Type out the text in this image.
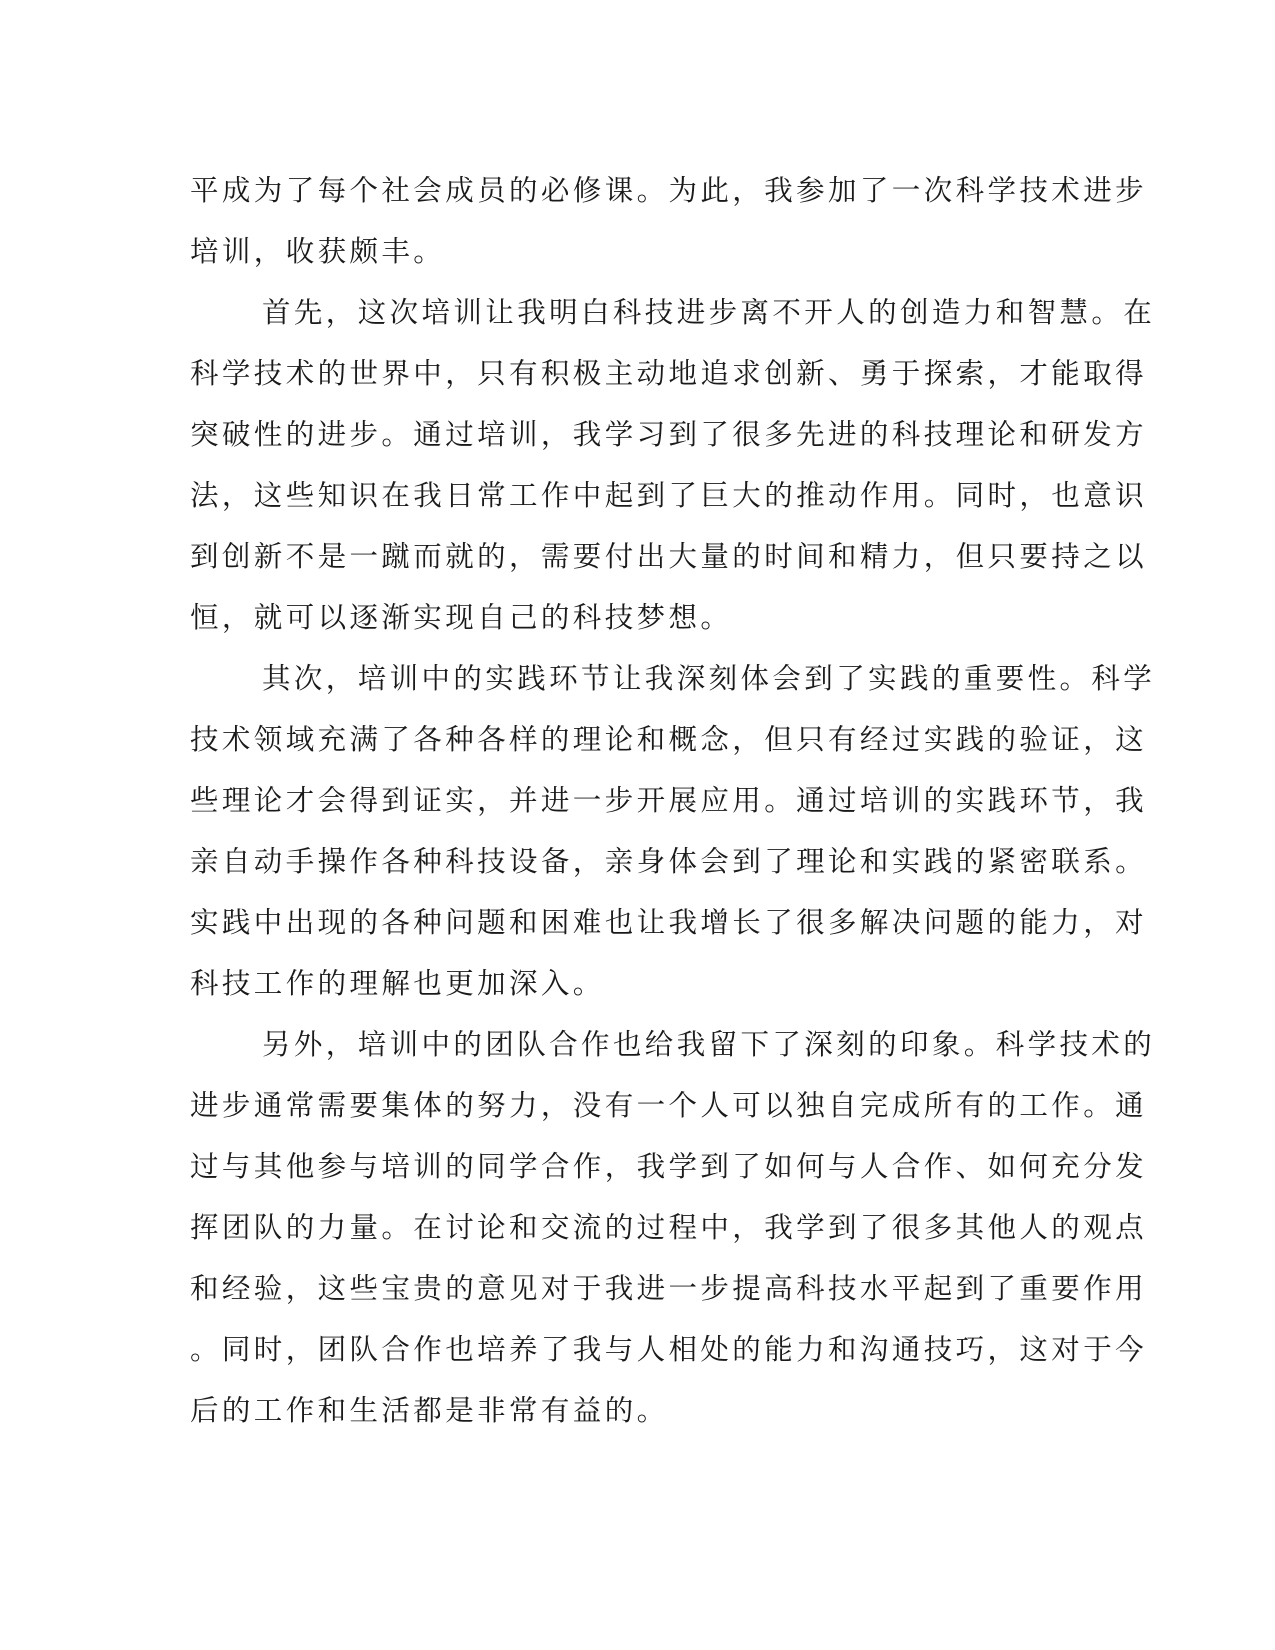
平成为了每个社会成员的必修课。为此，我参加了一次科学技术进步
培训，收获颇丰。
首先，这次培训让我明白科技进步离不开人的创造力和智慧。在
科学技术的世界中，只有积极主动地追求创新、勇于探索，才能取得
突破性的进步。通过培训，我学习到了很多先进的科技理论和研发方
法，这些知识在我日常工作中起到了巨大的推动作用。同时，也意识
到创新不是一蹴而就的，需要付出大量的时间和精力，但只要持之以
恒，就可以逐渐实现自己的科技梦想。
其次，培训中的实践环节让我深刻体会到了实践的重要性。科学
技术领域充满了各种各样的理论和概念，但只有经过实践的验证，这
些理论才会得到证实，并进一步开展应用。通过培训的实践环节，我
亲自动手操作各种科技设备，亲身体会到了理论和实践的紧密联系。
实践中出现的各种问题和困难也让我增长了很多解决问题的能力，对
科技工作的理解也更加深入。
另外，培训中的团队合作也给我留下了深刻的印象。科学技术的
进步通常需要集体的努力，没有一个人可以独自完成所有的工作。通
过与其他参与培训的同学合作，我学到了如何与人合作、如何充分发
挥团队的力量。在讨论和交流的过程中，我学到了很多其他人的观点
和经验，这些宝贵的意见对于我进一步提高科技水平起到了重要作用
。同时，团队合作也培养了我与人相处的能力和沟通技巧，这对于今
后的工作和生活都是非常有益的。
